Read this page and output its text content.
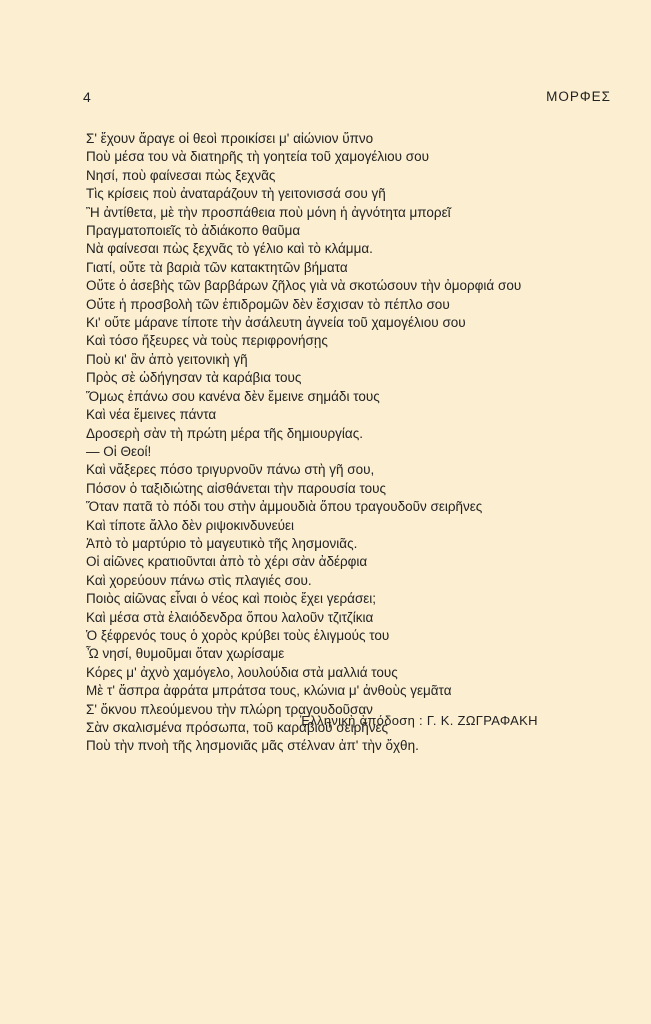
4	ΜΟΡΦΕΣ
Σ' ἔχουν ἄραγε οἱ θεοὶ προικίσει μ' αἰώνιον ὕπνο
Ποὺ μέσα του νὰ διατηρῆς τὴ γοητεία τοῦ χαμογέλιου σου
Νησί, ποὺ φαίνεσαι πὼς ξεχνᾶς
Τὶς κρίσεις ποὺ ἀναταράζουν τὴ γειτονισσά σου γῆ
Ἢ ἀντίθετα, μὲ τὴν προσπάθεια ποὺ μόνη ἡ ἀγνότητα μπορεῖ
Πραγματοποιεῖς τὸ ἀδιάκοπο θαῦμα
Νὰ φαίνεσαι πὼς ξεχνᾶς τὸ γέλιο καὶ τὸ κλάμμα.
Γιατί, οὔτε τὰ βαριὰ τῶν κατακτητῶν βήματα
Οὔτε ὁ ἀσεβὴς τῶν βαρβάρων ζῆλος γιὰ νὰ σκοτώσουν τὴν ὀμορφιά σου
Οὔτε ἡ προσβολὴ τῶν ἐπιδρομῶν δὲν ἔσχισαν τὸ πέπλο σου
Κι' οὔτε μάρανε τίποτε τὴν ἀσάλευτη ἀγνεία τοῦ χαμογέλιου σου
Καὶ τόσο ἤξευρες νὰ τοὺς περιφρονήσῃς
Ποὺ κι' ἂν ἀπὸ γειτονικὴ γῆ
Πρὸς σὲ ὠδήγησαν τὰ καράβια τους
Ὅμως ἐπάνω σου κανένα δὲν ἔμεινε σημάδι τους
Καὶ νέα ἔμεινες πάντα
Δροσερὴ σὰν τὴ πρώτη μέρα τῆς δημιουργίας.
— Οἱ Θεοί!
Καὶ νἄξερες πόσο τριγυρνοῦν πάνω στὴ γῆ σου,
Πόσον ὁ ταξιδιώτης αἰσθάνεται τὴν παρουσία τους
Ὅταν πατᾶ τὸ πόδι του στὴν ἀμμουδιὰ ὅπου τραγουδοῦν σειρῆνες
Καὶ τίποτε ἄλλο δὲν ριψοκινδυνεύει
Ἀπὸ τὸ μαρτύριο τὸ μαγευτικὸ τῆς λησμονιᾶς.
Οἱ αἰῶνες κρατιοῦνται ἀπὸ τὸ χέρι σὰν ἀδέρφια
Καὶ χορεύουν πάνω στὶς πλαγιές σου.
Ποιὸς αἰῶνας εἶναι ὁ νέος καὶ ποιὸς ἔχει γεράσει;
Καὶ μέσα στὰ ἐλαιόδενδρα ὅπου λαλοῦν τζιτζίκια
Ὁ ξέφρενός τους ὁ χορὸς κρύβει τοὺς ἑλιγμούς του
Ὦ νησί, θυμοῦμαι ὅταν χωρίσαμε
Κόρες μ' ἀχνὸ χαμόγελο, λουλούδια στὰ μαλλιά τους
Μὲ τ' ἄσπρα ἀφράτα μπράτσα τους, κλώνια μ' ἀνθοὺς γεμᾶτα
Σ' ὄκνου πλεούμενου τὴν πλώρη τραγουδοῦσαν
Σὰν σκαλισμένα πρόσωπα, τοῦ καραβιοῦ σειρῆνες
Ποὺ τὴν πνοὴ τῆς λησμονιᾶς μᾶς στέλναν ἀπ' τὴν ὄχθη.
Ἑλληνικὴ ἀπόδοση : Γ. Κ. ΖΩΓΡΑΦΑΚΗ
